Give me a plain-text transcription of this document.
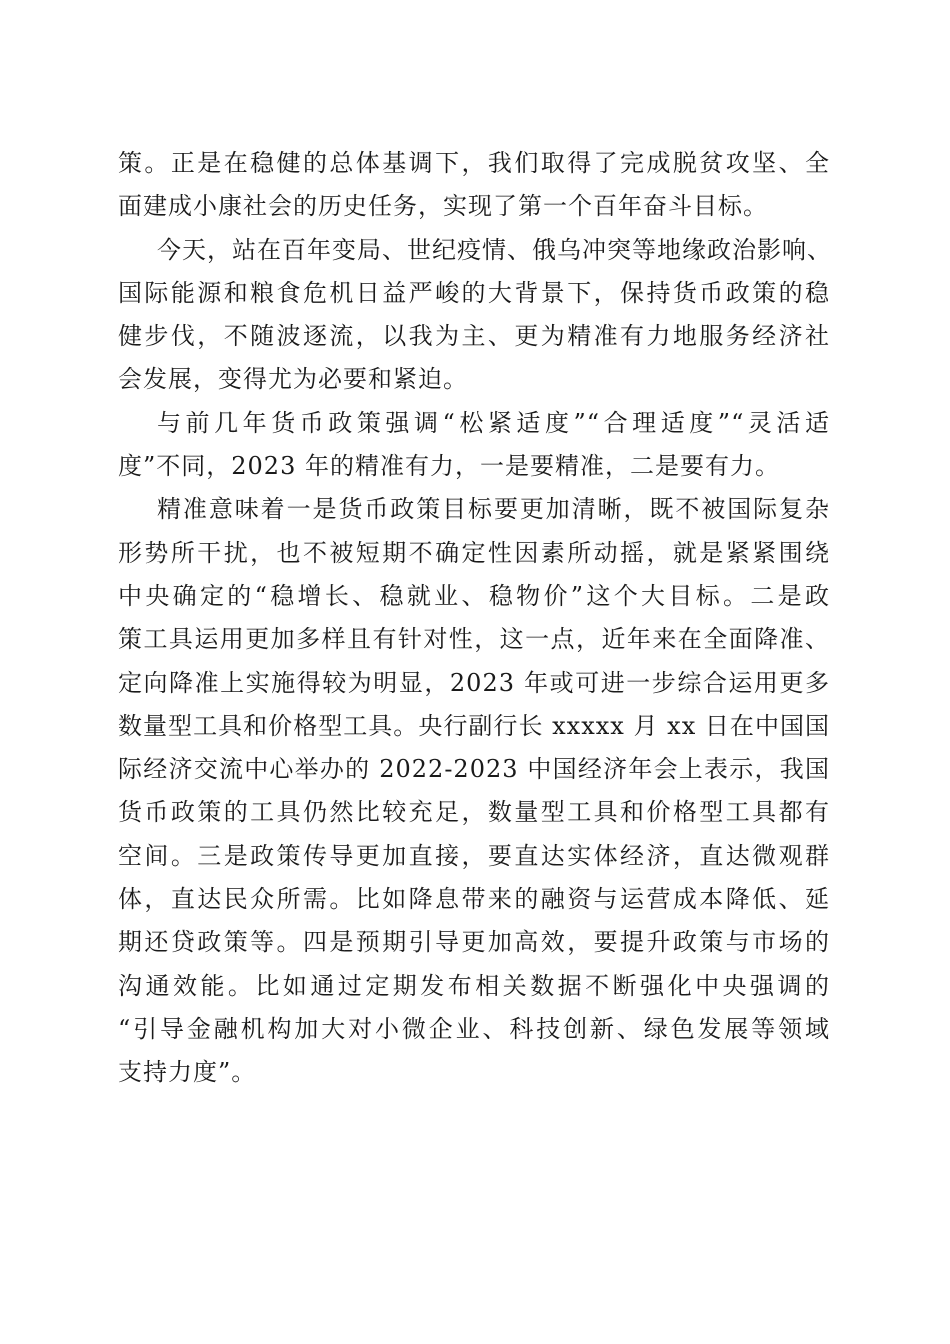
策。正是在稳健的总体基调下，我们取得了完成脱贫攻坚、全
面建成小康社会的历史任务，实现了第一个百年奋斗目标。
今天，站在百年变局、世纪疫情、俄乌冲突等地缘政治影响、
国际能源和粮食危机日益严峻的大背景下，保持货币政策的稳
健步伐，不随波逐流，以我为主、更为精准有力地服务经济社
会发展，变得尤为必要和紧迫。
与前几年货币政策强调“松紧适度”“合理适度”“灵活适
度”不同，2023 年的精准有力，一是要精准，二是要有力。
精准意味着一是货币政策目标要更加清晰，既不被国际复杂
形势所干扰，也不被短期不确定性因素所动摇，就是紧紧围绕
中央确定的“稳增长、稳就业、稳物价”这个大目标。二是政
策工具运用更加多样且有针对性，这一点，近年来在全面降准、
定向降准上实施得较为明显，2023 年或可进一步综合运用更多
数量型工具和价格型工具。央行副行长 xxxxx 月 xx 日在中国国
际经济交流中心举办的 2022-2023 中国经济年会上表示，我国
货币政策的工具仍然比较充足，数量型工具和价格型工具都有
空间。三是政策传导更加直接，要直达实体经济，直达微观群
体，直达民众所需。比如降息带来的融资与运营成本降低、延
期还贷政策等。四是预期引导更加高效，要提升政策与市场的
沟通效能。比如通过定期发布相关数据不断强化中央强调的
“引导金融机构加大对小微企业、科技创新、绿色发展等领域
支持力度”。
